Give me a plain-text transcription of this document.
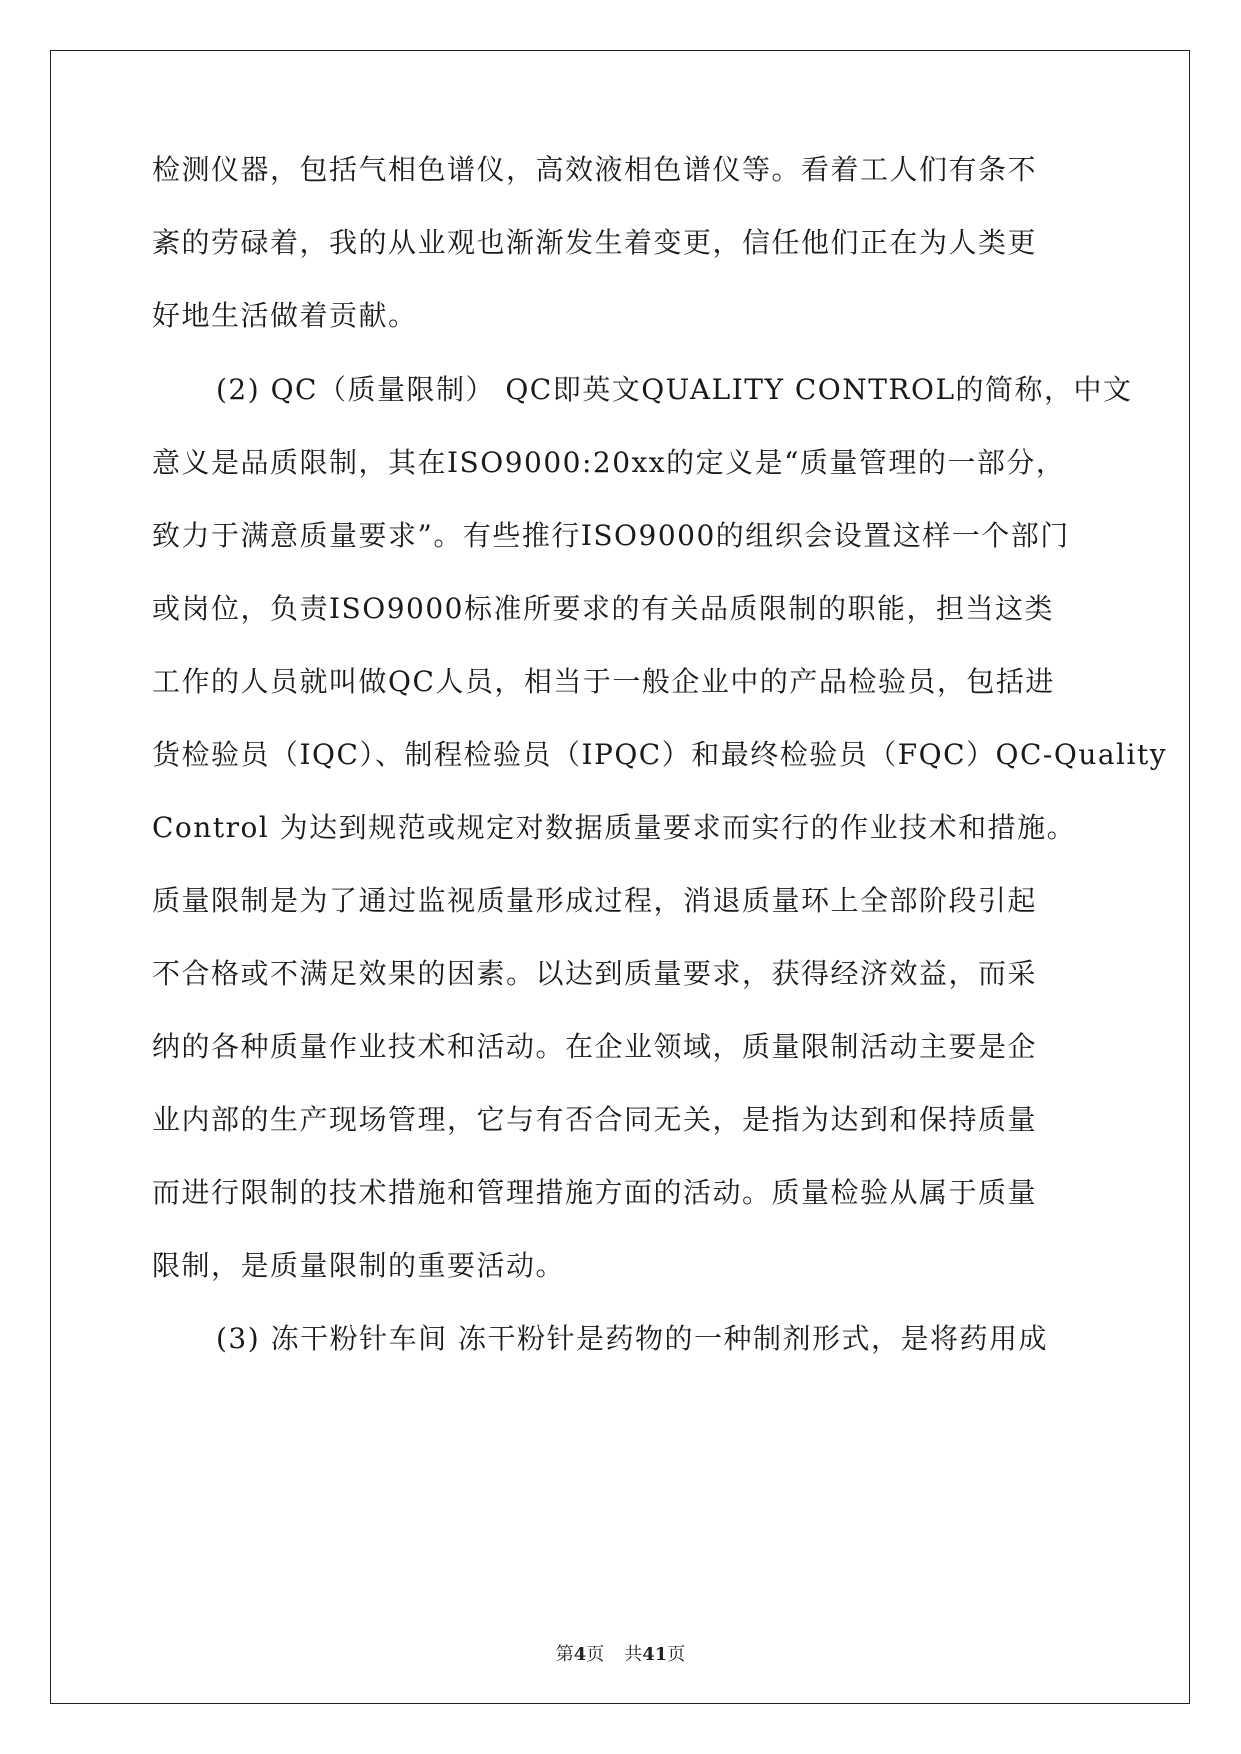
检测仪器，包括气相色谱仪，高效液相色谱仪等。看着工人们有条不
紊的劳碌着，我的从业观也渐渐发生着变更，信任他们正在为人类更
好地生活做着贡献。
(2) QC（质量限制） QC即英文QUALITY CONTROL的简称，中文
意义是品质限制，其在ISO9000:20xx的定义是“质量管理的一部分，
致力于满意质量要求”。有些推行ISO9000的组织会设置这样一个部门
或岗位，负责ISO9000标准所要求的有关品质限制的职能，担当这类
工作的人员就叫做QC人员，相当于一般企业中的产品检验员，包括进
货检验员（IQC）、制程检验员（IPQC）和最终检验员（FQC）QC-Quality
Control 为达到规范或规定对数据质量要求而实行的作业技术和措施。
质量限制是为了通过监视质量形成过程，消退质量环上全部阶段引起
不合格或不满足效果的因素。以达到质量要求，获得经济效益，而采
纳的各种质量作业技术和活动。在企业领域，质量限制活动主要是企
业内部的生产现场管理，它与有否合同无关，是指为达到和保持质量
而进行限制的技术措施和管理措施方面的活动。质量检验从属于质量
限制，是质量限制的重要活动。
(3) 冻干粉针车间 冻干粉针是药物的一种制剂形式，是将药用成
第4页 共41页
